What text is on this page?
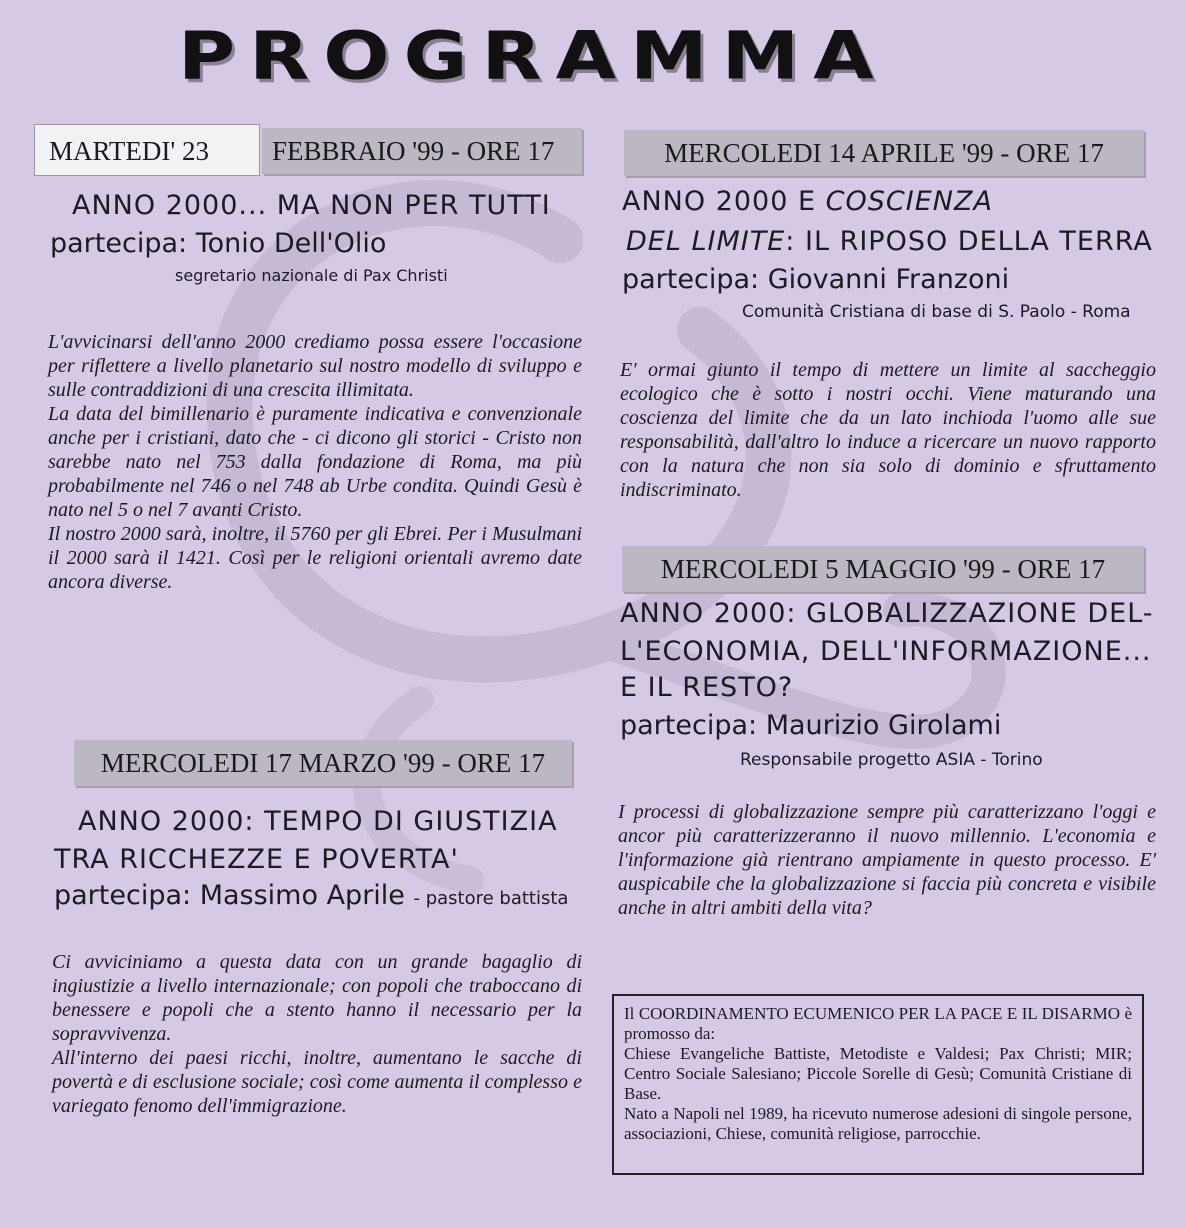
PROGRAMMA
MARTEDI' 23	FEBBRAIO '99 - ORE 17
ANNO 2000... MA NON PER TUTTI
partecipa: Tonio Dell'Olio
segretario nazionale di Pax Christi
L'avvicinarsi dell'anno 2000 crediamo possa essere l'occasione per riflettere a livello planetario sul nostro modello di sviluppo e sulle contraddizioni di una crescita illimitata.
La data del bimillenario è puramente indicativa e convenzionale anche per i cristiani, dato che - ci dicono gli storici - Cristo non sarebbe nato nel 753 dalla fondazione di Roma, ma più probabilmente nel 746 o nel 748 ab Urbe condita. Quindi Gesù è nato nel 5 o nel 7 avanti Cristo.
Il nostro 2000 sarà, inoltre, il 5760 per gli Ebrei. Per i Musulmani il 2000 sarà il 1421. Così per le religioni orientali avremo date ancora diverse.
MERCOLEDI 17 MARZO '99 - ORE 17
ANNO 2000: TEMPO DI GIUSTIZIA
TRA RICCHEZZE E POVERTA'
partecipa: Massimo Aprile - pastore battista
Ci avviciniamo a questa data con un grande bagaglio di ingiustizie a livello internazionale; con popoli che traboccano di benessere e popoli che a stento hanno il necessario per la sopravvivenza.
All'interno dei paesi ricchi, inoltre, aumentano le sacche di povertà e di esclusione sociale; così come aumenta il complesso e variegato fenomo dell'immigrazione.
MERCOLEDI 14 APRILE '99 - ORE 17
ANNO 2000 E COSCIENZA
DEL LIMITE: IL RIPOSO DELLA TERRA
partecipa: Giovanni Franzoni
Comunità Cristiana di base di S. Paolo - Roma
E' ormai giunto il tempo di mettere un limite al saccheggio ecologico che è sotto i nostri occhi. Viene maturando una coscienza del limite che da un lato inchioda l'uomo alle sue responsabilità, dall'altro lo induce a ricercare un nuovo rapporto con la natura che non sia solo di dominio e sfruttamento indiscriminato.
MERCOLEDI 5 MAGGIO '99 - ORE 17
ANNO 2000: GLOBALIZZAZIONE DEL-
L'ECONOMIA, DELL'INFORMAZIONE...
E IL RESTO?
partecipa: Maurizio Girolami
Responsabile progetto ASIA - Torino
I processi di globalizzazione sempre più caratterizzano l'oggi e ancor più caratterizzeranno il nuovo millennio. L'economia e l'informazione già rientrano ampiamente in questo processo. E' auspicabile che la globalizzazione si faccia più concreta e visibile anche in altri ambiti della vita?
Il COORDINAMENTO ECUMENICO PER LA PACE E IL DISARMO è promosso da:
Chiese Evangeliche Battiste, Metodiste e Valdesi; Pax Christi; MIR; Centro Sociale Salesiano; Piccole Sorelle di Gesù; Comunità Cristiane di Base.
Nato a Napoli nel 1989, ha ricevuto numerose adesioni di singole persone, associazioni, Chiese, comunità religiose, parrocchie.
